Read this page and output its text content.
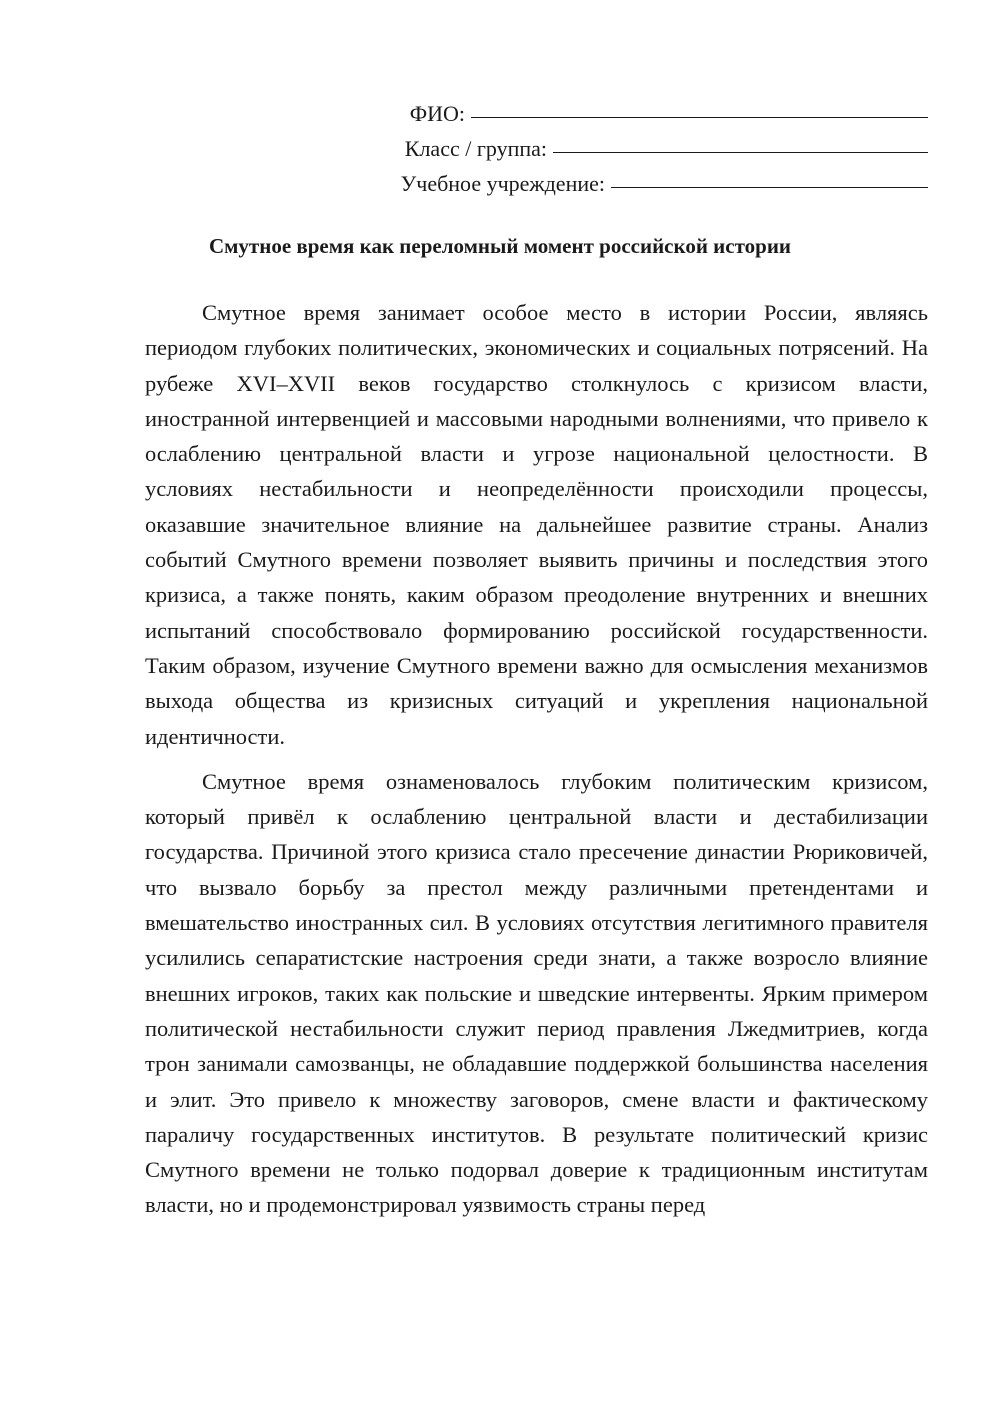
ФИО:
Класс / группа:
Учебное учреждение:
Смутное время как переломный момент российской истории

Смутное время занимает особое место в истории России, являясь периодом глубоких политических, экономических и социальных потрясений. На рубеже XVI–XVII веков государство столкнулось с кризисом власти, иностранной интервенцией и массовыми народными волнениями, что привело к ослаблению центральной власти и угрозе национальной целостности. В условиях нестабильности и неопределённости происходили процессы, оказавшие значительное влияние на дальнейшее развитие страны. Анализ событий Смутного времени позволяет выявить причины и последствия этого кризиса, а также понять, каким образом преодоление внутренних и внешних испытаний способствовало формированию российской государственности. Таким образом, изучение Смутного времени важно для осмысления механизмов выхода общества из кризисных ситуаций и укрепления национальной идентичности.

Смутное время ознаменовалось глубоким политическим кризисом, который привёл к ослаблению центральной власти и дестабилизации государства. Причиной этого кризиса стало пресечение династии Рюриковичей, что вызвало борьбу за престол между различными претендентами и вмешательство иностранных сил. В условиях отсутствия легитимного правителя усилились сепаратистские настроения среди знати, а также возросло влияние внешних игроков, таких как польские и шведские интервенты. Ярким примером политической нестабильности служит период правления Лжедмитриев, когда трон занимали самозванцы, не обладавшие поддержкой большинства населения и элит. Это привело к множеству заговоров, смене власти и фактическому параличу государственных институтов. В результате политический кризис Смутного времени не только подорвал доверие к традиционным институтам власти, но и продемонстрировал уязвимость страны перед
